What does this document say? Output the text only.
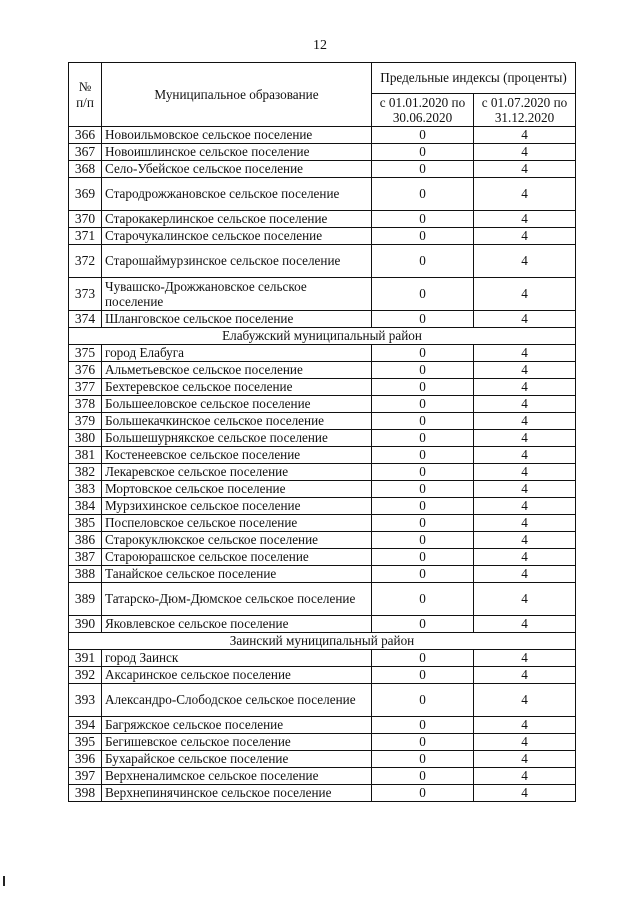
12
№ п/п	Муниципальное образование	Предельные индексы (проценты)	
		с 01.01.2020 по 30.06.2020	с 01.07.2020 по 31.12.2020
366	Новоильмовское сельское поселение	0	4
367	Новоишлинское сельское поселение	0	4
368	Село-Убейское сельское поселение	0	4
369	Стародрожжановское сельское поселение	0	4
370	Старокакерлинское сельское поселение	0	4
371	Старочукалинское сельское поселение	0	4
372	Старошаймурзинское сельское поселение	0	4
373	Чувашско-Дрожжановское сельское поселение	0	4
374	Шланговское сельское поселение	0	4
Елабужский муниципальный район			
375	город Елабуга	0	4
376	Альметьевское сельское поселение	0	4
377	Бехтеревское сельское поселение	0	4
378	Большееловское сельское поселение	0	4
379	Большекачкинское сельское поселение	0	4
380	Большешурнякское сельское поселение	0	4
381	Костенеевское сельское поселение	0	4
382	Лекаревское сельское поселение	0	4
383	Мортовское сельское поселение	0	4
384	Мурзихинское сельское поселение	0	4
385	Поспеловское сельское поселение	0	4
386	Старокуклюкское сельское поселение	0	4
387	Староюрашское сельское поселение	0	4
388	Танайское сельское поселение	0	4
389	Татарско-Дюм-Дюмское сельское поселение	0	4
390	Яковлевское сельское поселение	0	4
Заинский муниципальный район			
391	город Заинск	0	4
392	Аксаринское сельское поселение	0	4
393	Александро-Слободское сельское поселение	0	4
394	Багряжское сельское поселение	0	4
395	Бегишевское сельское поселение	0	4
396	Бухарайское сельское поселение	0	4
397	Верхненалимское сельское поселение	0	4
398	Верхнепинячинское сельское поселение	0	4
